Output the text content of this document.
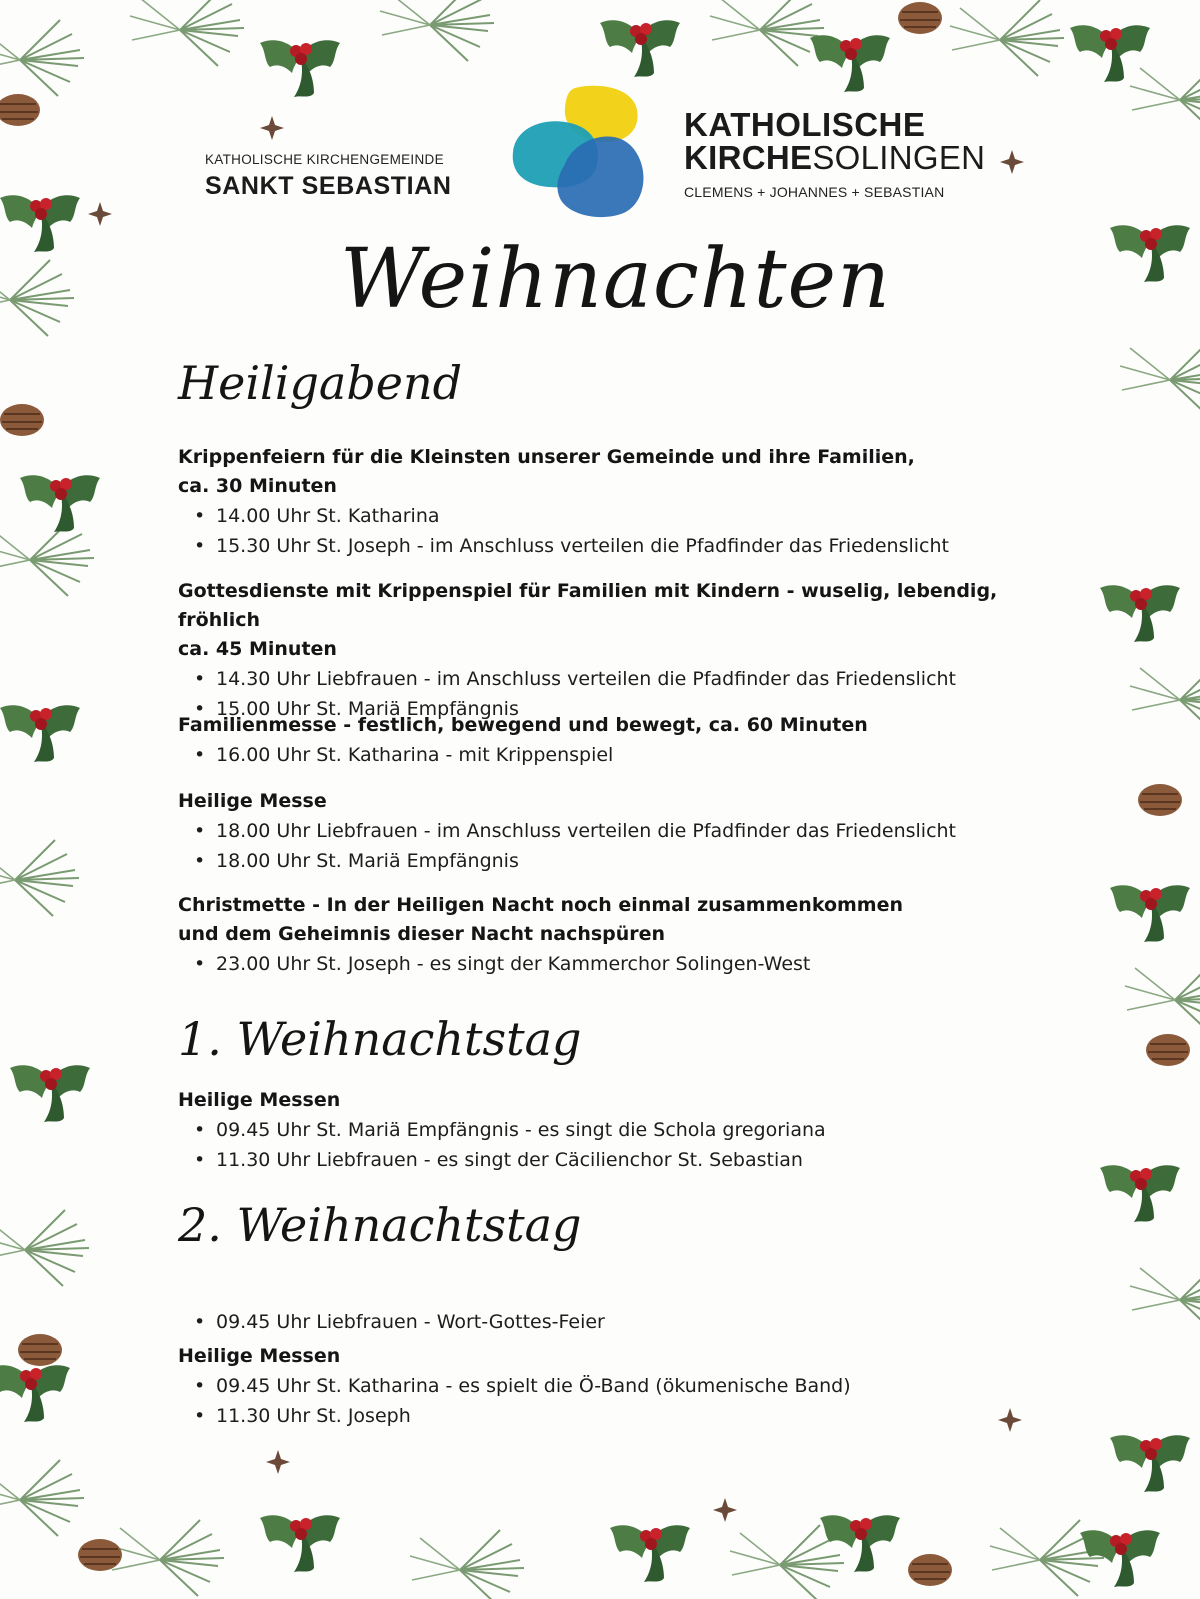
KATHOLISCHE KIRCHENGEMEINDE
SANKT SEBASTIAN
KATHOLISCHE
KIRCHESOLINGEN
CLEMENS + JOHANNES + SEBASTIAN
Weihnachten
Heiligabend
Krippenfeiern für die Kleinsten unserer Gemeinde und ihre Familien,
ca. 30 Minuten
• 14.00 Uhr St. Katharina
• 15.30 Uhr St. Joseph - im Anschluss verteilen die Pfadfinder das Friedenslicht
Gottesdienste mit Krippenspiel für Familien mit Kindern - wuselig, lebendig, fröhlich
ca. 45 Minuten
• 14.30 Uhr Liebfrauen - im Anschluss verteilen die Pfadfinder das Friedenslicht
• 15.00 Uhr St. Mariä Empfängnis
Familienmesse - festlich, bewegend und bewegt, ca. 60 Minuten
• 16.00 Uhr St. Katharina - mit Krippenspiel
Heilige Messe
• 18.00 Uhr Liebfrauen - im Anschluss verteilen die Pfadfinder das Friedenslicht
• 18.00 Uhr St. Mariä Empfängnis
Christmette - In der Heiligen Nacht noch einmal zusammenkommen
und dem Geheimnis dieser Nacht nachspüren
• 23.00 Uhr St. Joseph - es singt der Kammerchor Solingen-West
1. Weihnachtstag
Heilige Messen
• 09.45 Uhr St. Mariä Empfängnis - es singt die Schola gregoriana
• 11.30 Uhr Liebfrauen - es singt der Cäcilienchor St. Sebastian
2. Weihnachtstag
• 09.45 Uhr Liebfrauen - Wort-Gottes-Feier
Heilige Messen
• 09.45 Uhr St. Katharina - es spielt die Ö-Band (ökumenische Band)
• 11.30 Uhr St. Joseph
